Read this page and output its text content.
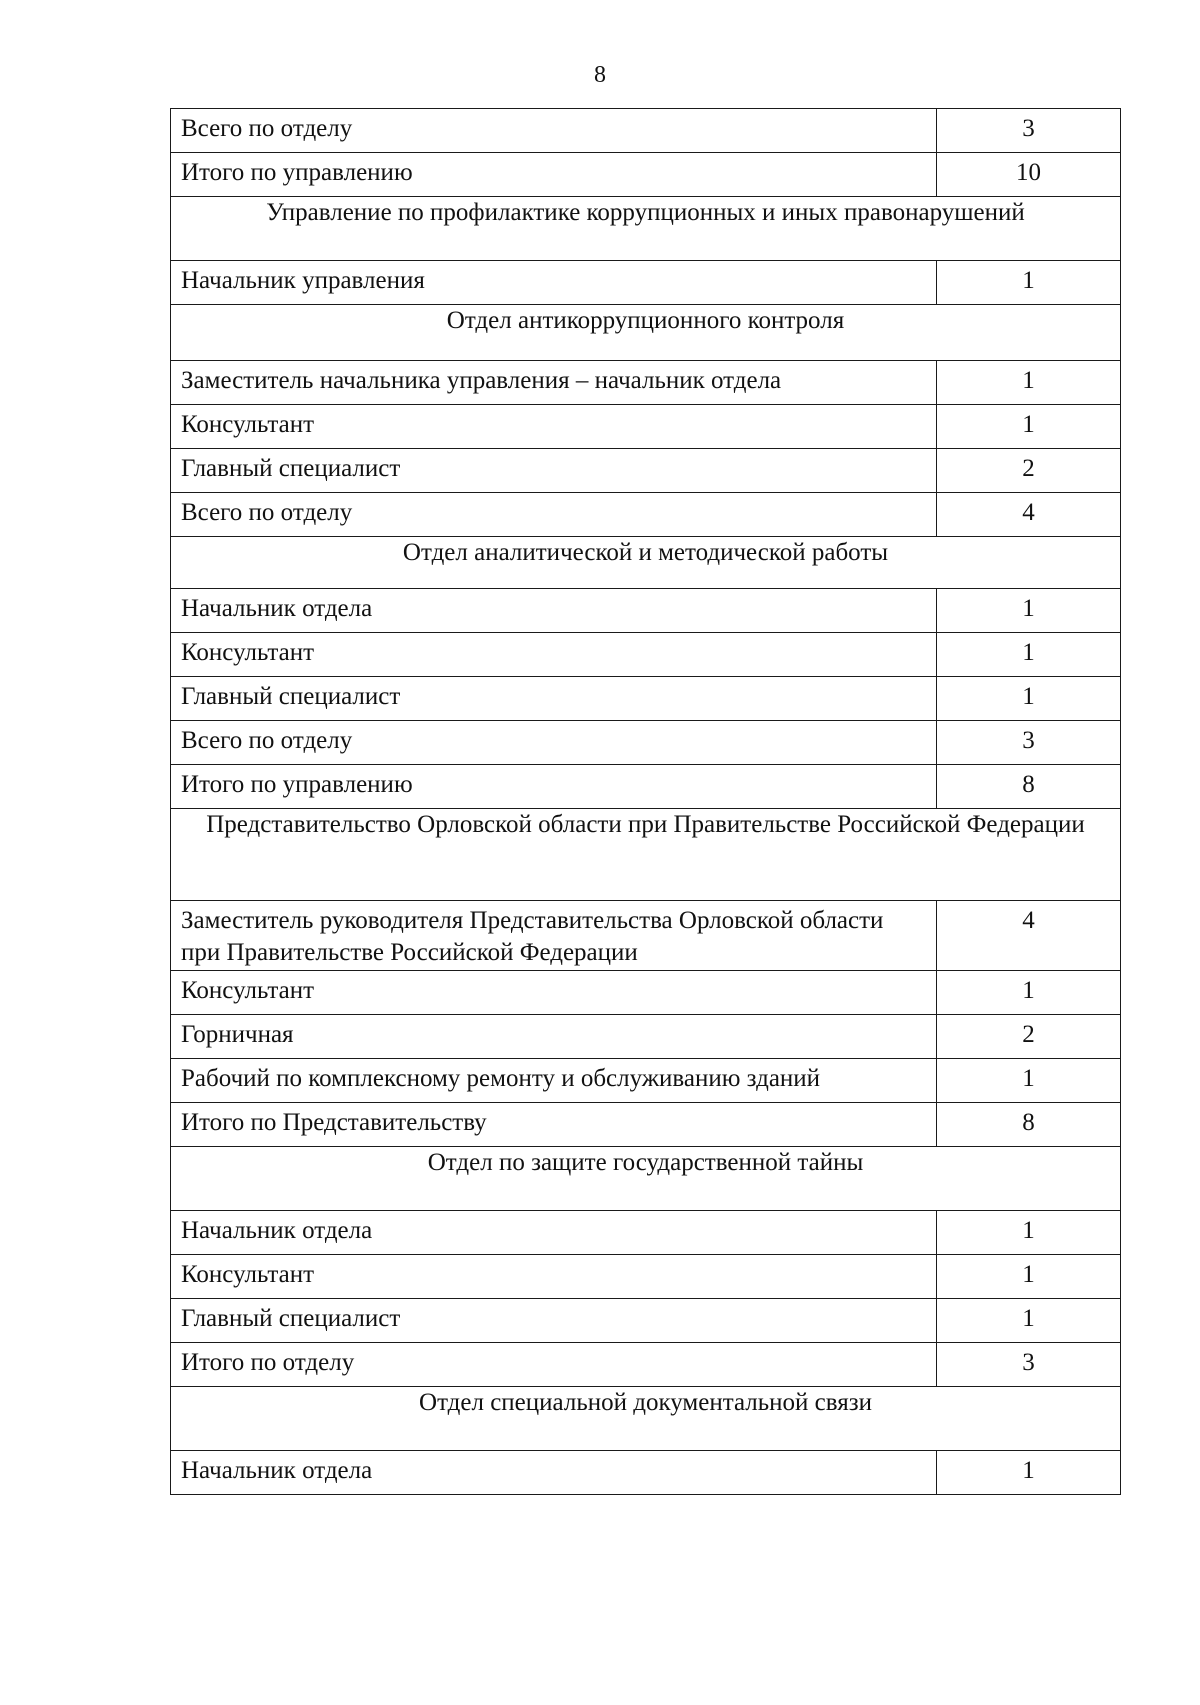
8
Всего по отделу	3
Итого по управлению	10
Управление по профилактике коррупционных и иных правонарушений	
Начальник управления	1
Отдел антикоррупционного контроля	
Заместитель начальника управления – начальник отдела	1
Консультант	1
Главный специалист	2
Всего по отделу	4
Отдел аналитической и методической работы	
Начальник отдела	1
Консультант	1
Главный специалист	1
Всего по отделу	3
Итого по управлению	8
Представительство Орловской области при Правительстве Российской Федерации	
Заместитель руководителя Представительства Орловской области при Правительстве Российской Федерации	4
Консультант	1
Горничная	2
Рабочий по комплексному ремонту и обслуживанию зданий	1
Итого по Представительству	8
Отдел по защите государственной тайны	
Начальник отдела	1
Консультант	1
Главный специалист	1
Итого по отделу	3
Отдел специальной документальной связи	
Начальник отдела	1
